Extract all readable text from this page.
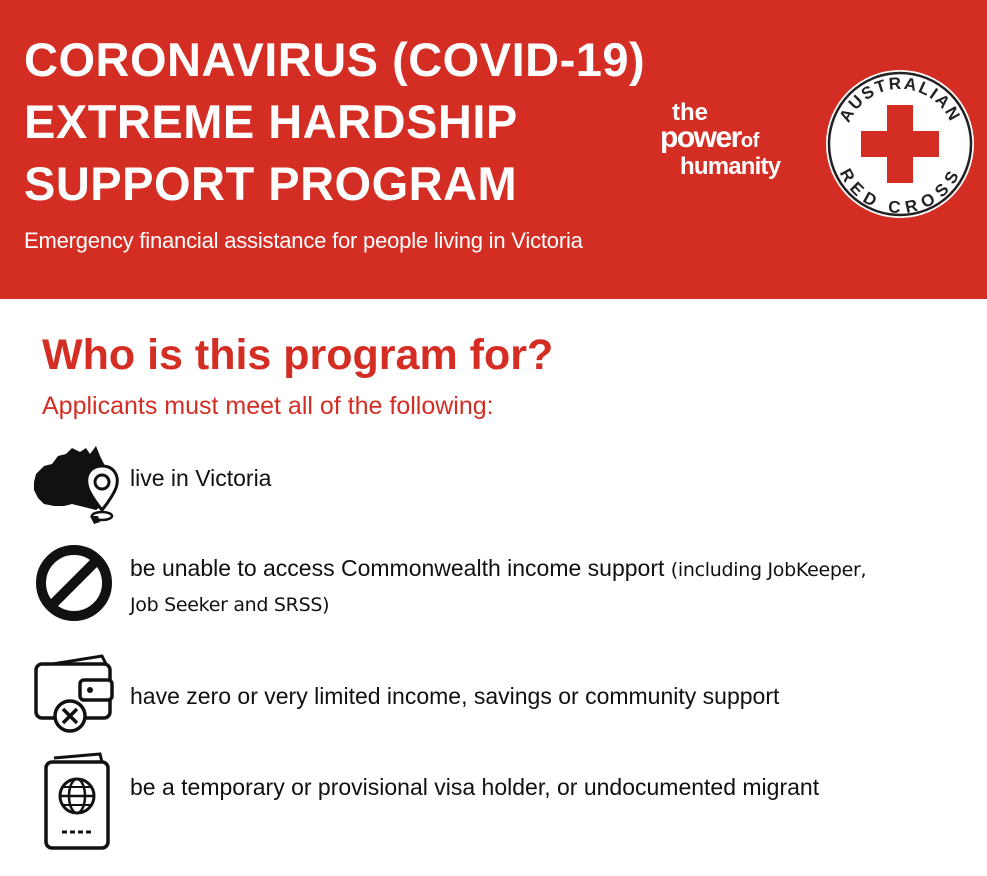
CORONAVIRUS (COVID-19)
EXTREME HARDSHIP
SUPPORT PROGRAM
Emergency financial assistance for people living in Victoria
the
powerof
humanity
AUSTRALIAN
RED CROSS
Who is this program for?
Applicants must meet all of the following:
live in Victoria
be unable to access Commonwealth income support (including JobKeeper,
Job Seeker and SRSS)
have zero or very limited income, savings or community support
be a temporary or provisional visa holder, or undocumented migrant
